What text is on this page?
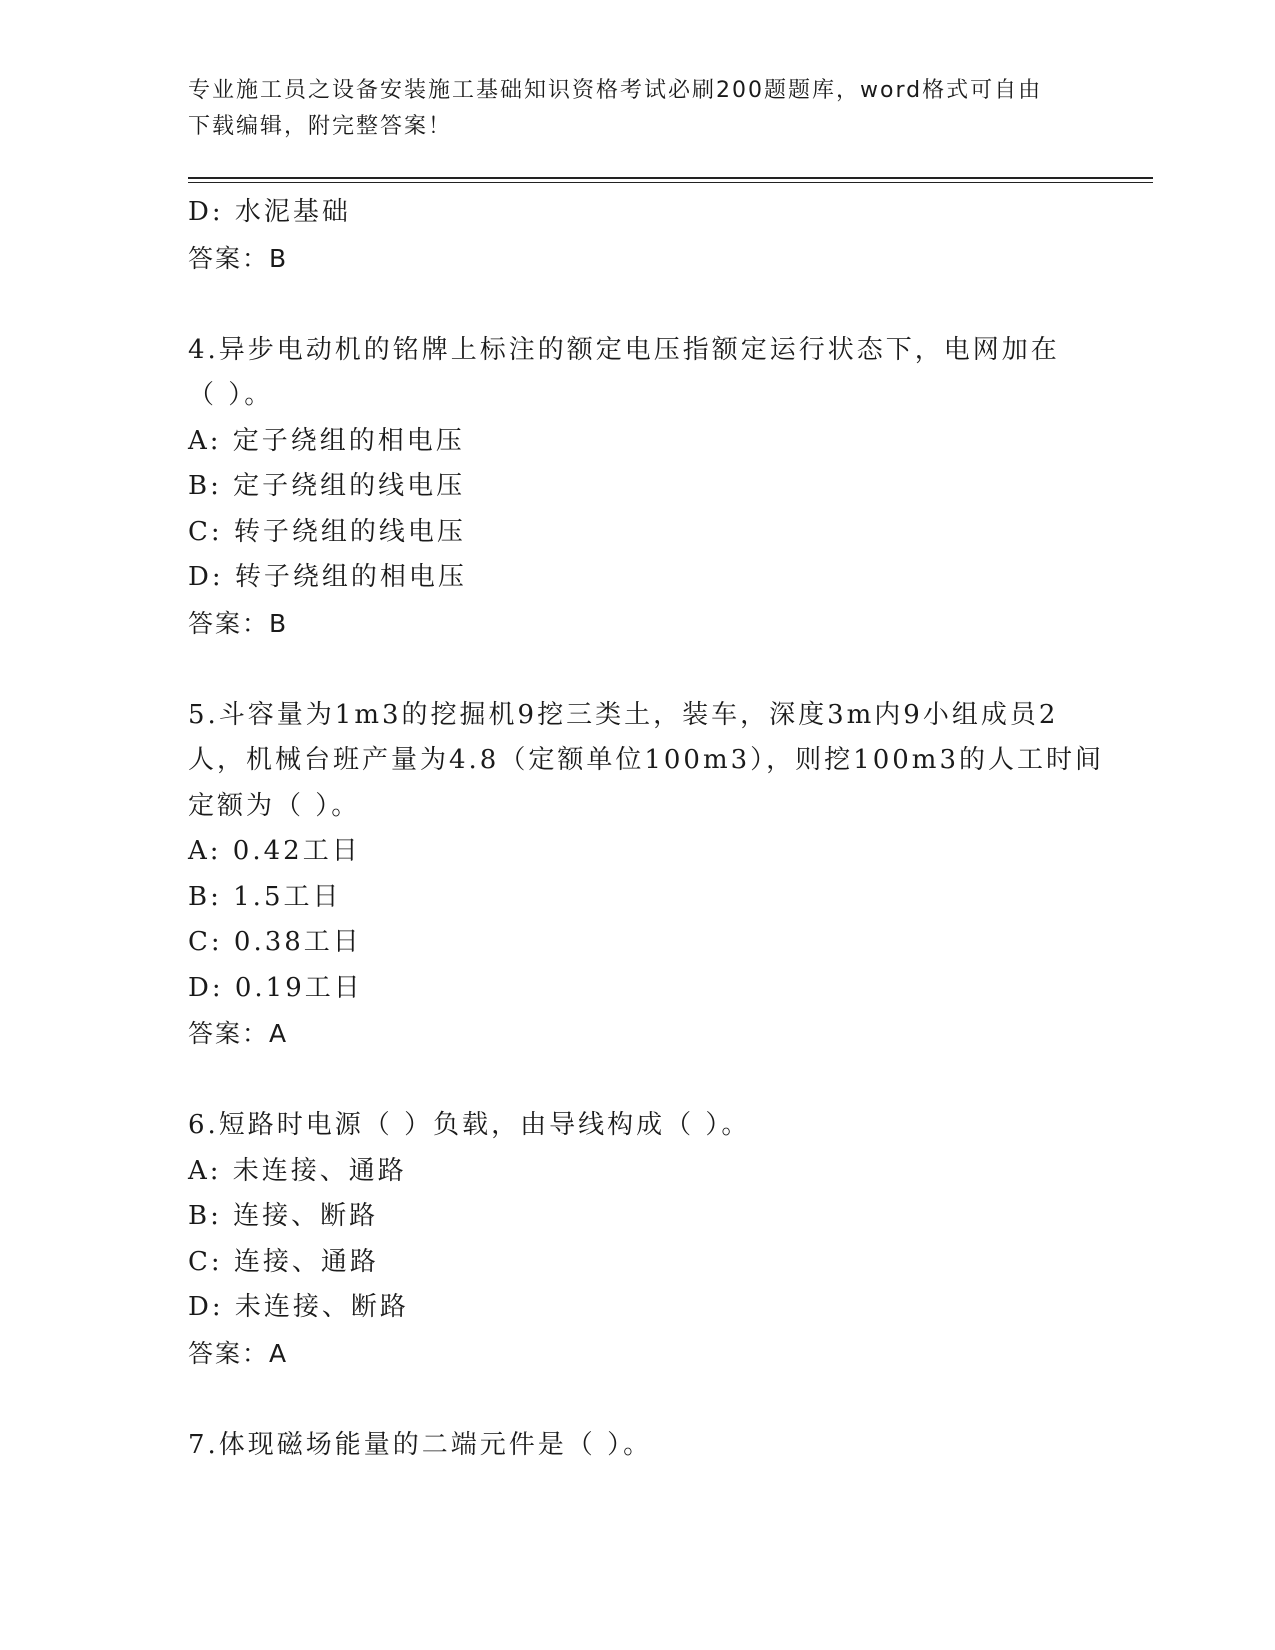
专业施工员之设备安装施工基础知识资格考试必刷200题题库，word格式可自由
下载编辑，附完整答案！
D: 水泥基础
答案：B
4.异步电动机的铭牌上标注的额定电压指额定运行状态下，电网加在
（ ）。
A: 定子绕组的相电压
B: 定子绕组的线电压
C: 转子绕组的线电压
D: 转子绕组的相电压
答案：B
5.斗容量为1m3的挖掘机9挖三类土，装车，深度3m内9小组成员2
人，机械台班产量为4.8（定额单位100m3），则挖100m3的人工时间
定额为（ ）。
A: 0.42工日
B: 1.5工日
C: 0.38工日
D: 0.19工日
答案：A
6.短路时电源（ ）负载，由导线构成（ ）。
A: 未连接、通路
B: 连接、断路
C: 连接、通路
D: 未连接、断路
答案：A
7.体现磁场能量的二端元件是（ ）。
